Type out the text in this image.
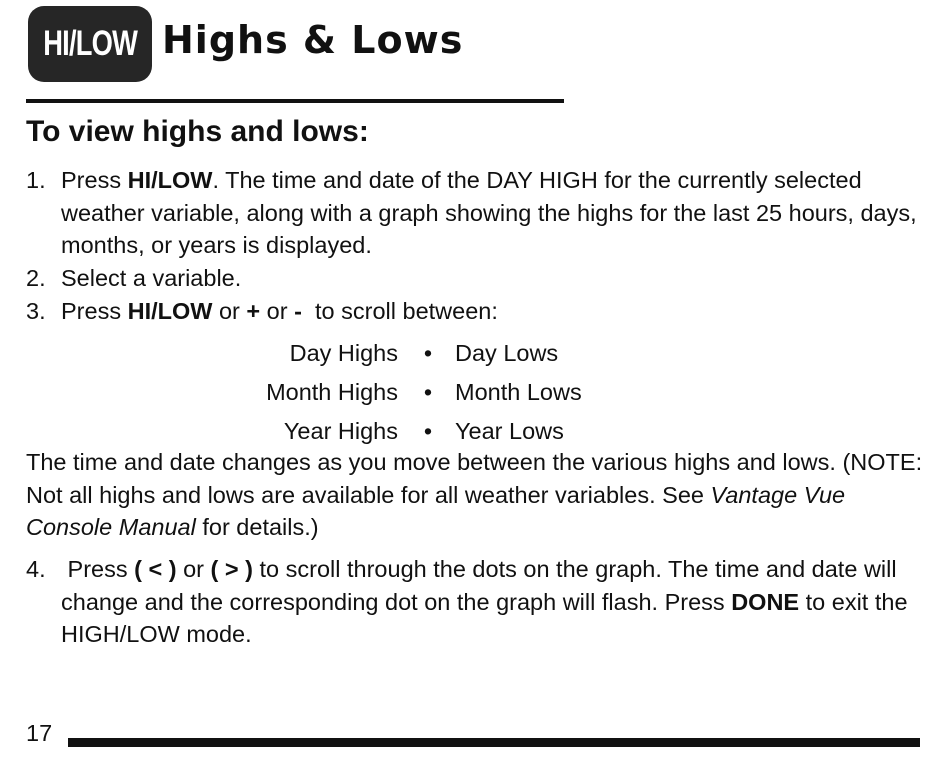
HI/LOW Highs & Lows
To view highs and lows:
1. Press HI/LOW. The time and date of the DAY HIGH for the currently selected weather variable, along with a graph showing the highs for the last 25 hours, days, months, or years is displayed.
2. Select a variable.
3. Press HI/LOW or + or -  to scroll between:
Day Highs • Day Lows
Month Highs • Month Lows
Year Highs • Year Lows
The time and date changes as you move between the various highs and lows. (NOTE: Not all highs and lows are available for all weather variables. See Vantage Vue Console Manual for details.)
4. Press ( < ) or ( > ) to scroll through the dots on the graph. The time and date will change and the corresponding dot on the graph will flash. Press DONE to exit the HIGH/LOW mode.
17
